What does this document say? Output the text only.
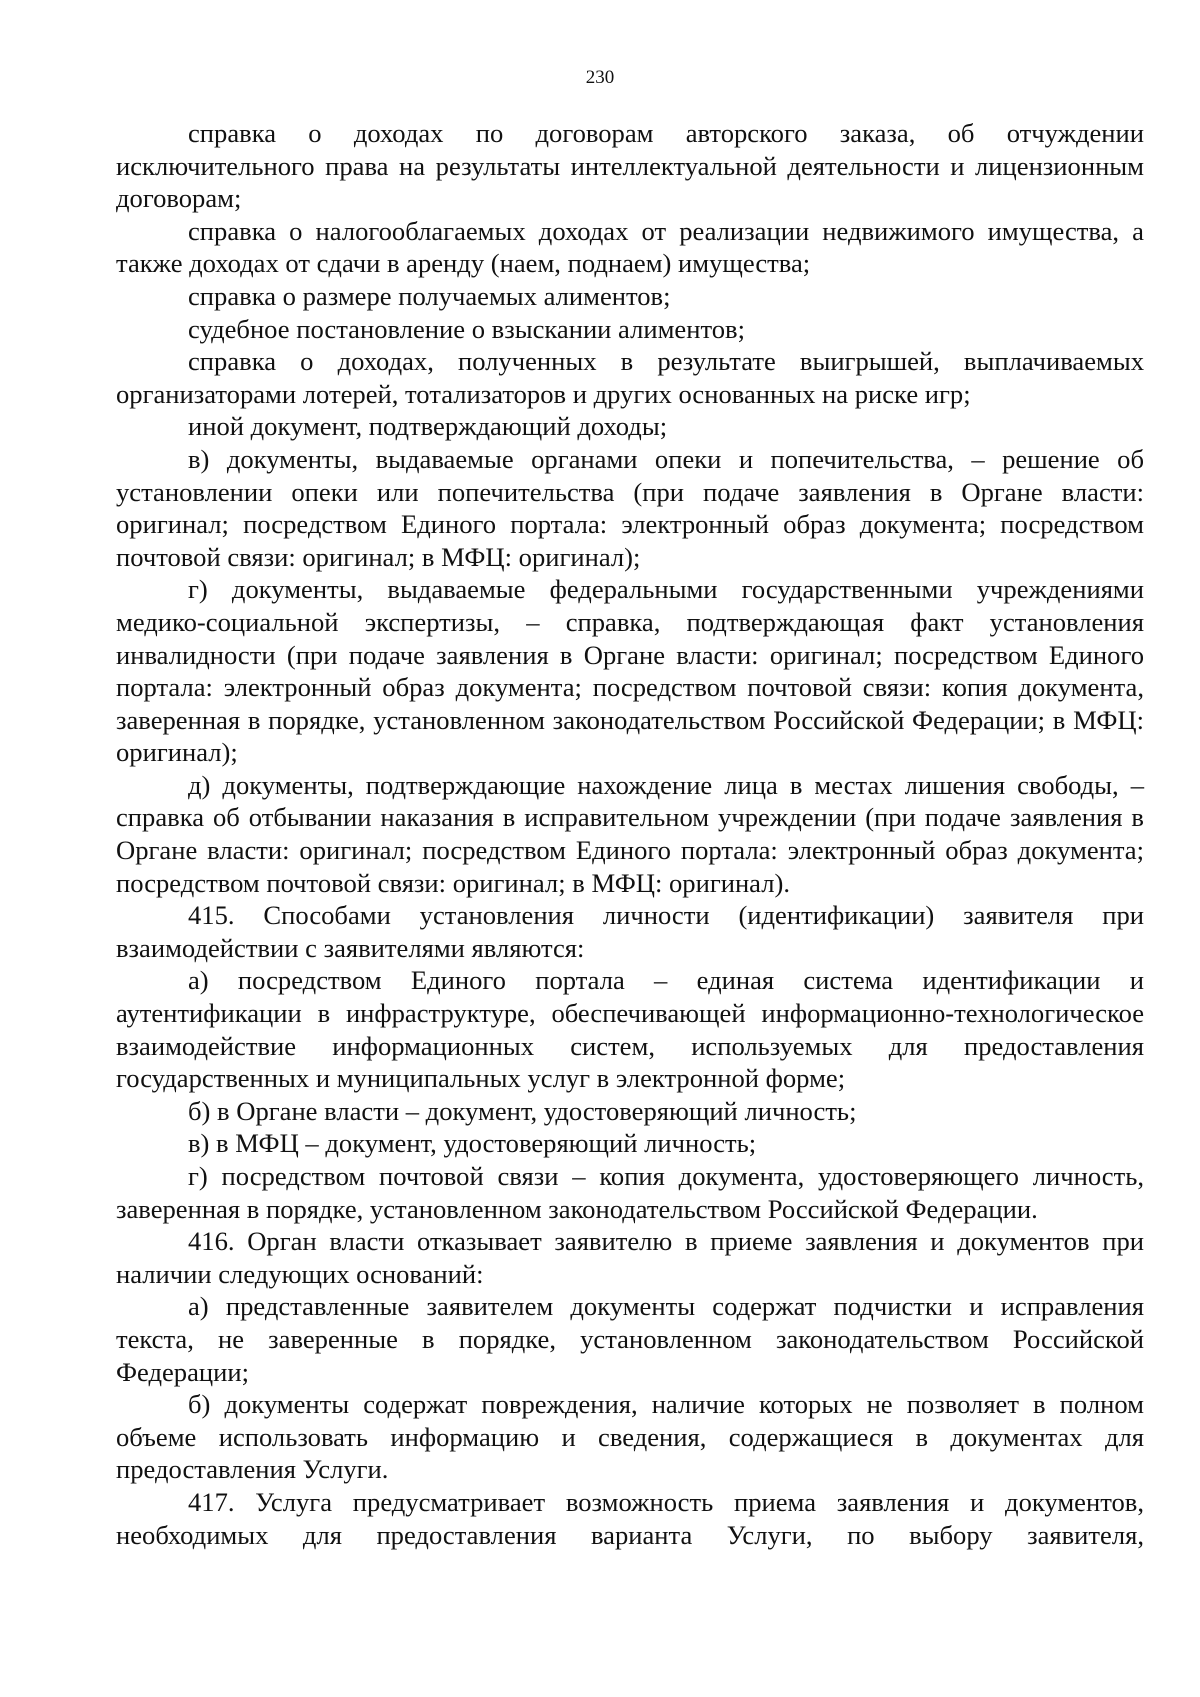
230

справка о доходах по договорам авторского заказа, об отчуждении исключительного права на результаты интеллектуальной деятельности и лицензионным договорам;

справка о налогооблагаемых доходах от реализации недвижимого имущества, а также доходах от сдачи в аренду (наем, поднаем) имущества;

справка о размере получаемых алиментов;

судебное постановление о взыскании алиментов;

справка о доходах, полученных в результате выигрышей, выплачиваемых организаторами лотерей, тотализаторов и других основанных на риске игр;

иной документ, подтверждающий доходы;

в) документы, выдаваемые органами опеки и попечительства, – решение об установлении опеки или попечительства (при подаче заявления в Органе власти: оригинал; посредством Единого портала: электронный образ документа; посредством почтовой связи: оригинал; в МФЦ: оригинал);

г) документы, выдаваемые федеральными государственными учреждениями медико-социальной экспертизы, – справка, подтверждающая факт установления инвалидности (при подаче заявления в Органе власти: оригинал; посредством Единого портала: электронный образ документа; посредством почтовой связи: копия документа, заверенная в порядке, установленном законодательством Российской Федерации; в МФЦ: оригинал);

д) документы, подтверждающие нахождение лица в местах лишения свободы, – справка об отбывании наказания в исправительном учреждении (при подаче заявления в Органе власти: оригинал; посредством Единого портала: электронный образ документа; посредством почтовой связи: оригинал; в МФЦ: оригинал).

415. Способами установления личности (идентификации) заявителя при взаимодействии с заявителями являются:

а) посредством Единого портала – единая система идентификации и аутентификации в инфраструктуре, обеспечивающей информационно-технологическое взаимодействие информационных систем, используемых для предоставления государственных и муниципальных услуг в электронной форме;

б) в Органе власти – документ, удостоверяющий личность;

в) в МФЦ – документ, удостоверяющий личность;

г) посредством почтовой связи – копия документа, удостоверяющего личность, заверенная в порядке, установленном законодательством Российской Федерации.

416. Орган власти отказывает заявителю в приеме заявления и документов при наличии следующих оснований:

а) представленные заявителем документы содержат подчистки и исправления текста, не заверенные в порядке, установленном законодательством Российской Федерации;

б) документы содержат повреждения, наличие которых не позволяет в полном объеме использовать информацию и сведения, содержащиеся в документах для предоставления Услуги.

417. Услуга предусматривает возможность приема заявления и документов, необходимых для предоставления варианта Услуги, по выбору заявителя,
